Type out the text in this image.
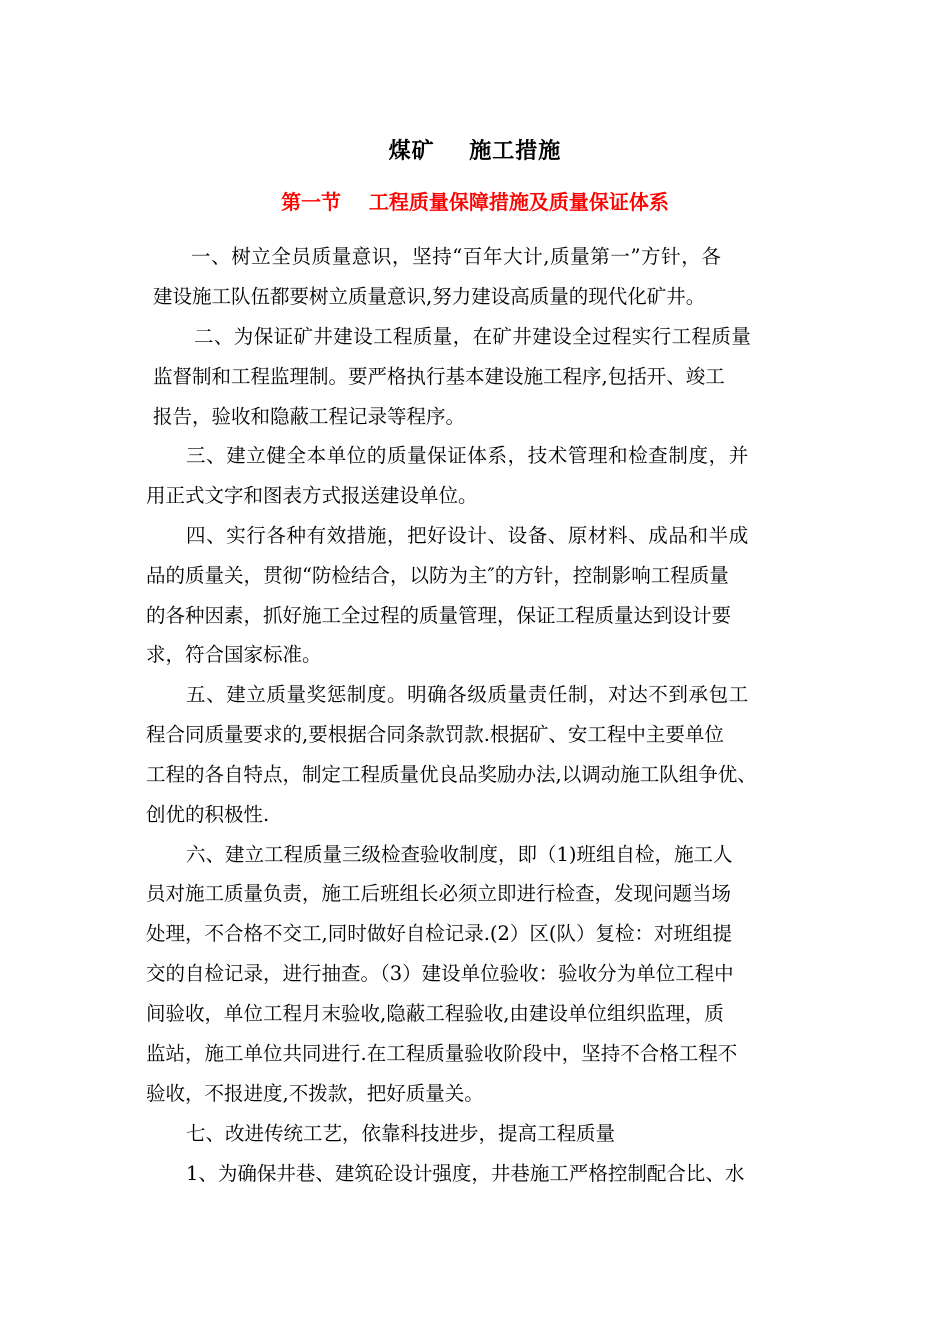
煤矿    施工措施
第一节    工程质量保障措施及质量保证体系
一、树立全员质量意识，坚持“百年大计,质量第一”方针，各
建设施工队伍都要树立质量意识,努力建设高质量的现代化矿井。
二、为保证矿井建设工程质量，在矿井建设全过程实行工程质量
监督制和工程监理制。要严格执行基本建设施工程序,包括开、竣工
报告，验收和隐蔽工程记录等程序。
三、建立健全本单位的质量保证体系，技术管理和检查制度，并
用正式文字和图表方式报送建设单位。
四、实行各种有效措施，把好设计、设备、原材料、成品和半成
品的质量关，贯彻“防检结合，以防为主″的方针，控制影响工程质量
的各种因素，抓好施工全过程的质量管理，保证工程质量达到设计要
求，符合国家标准。
五、建立质量奖惩制度。明确各级质量责任制，对达不到承包工
程合同质量要求的,要根据合同条款罚款.根据矿、安工程中主要单位
工程的各自特点，制定工程质量优良品奖励办法,以调动施工队组争优、
创优的积极性.
六、建立工程质量三级检查验收制度，即（1)班组自检，施工人
员对施工质量负责，施工后班组长必须立即进行检查，发现问题当场
处理，不合格不交工,同时做好自检记录.(2）区(队）复检：对班组提
交的自检记录，进行抽查。（3）建设单位验收：验收分为单位工程中
间验收，单位工程月末验收,隐蔽工程验收,由建设单位组织监理，质
监站，施工单位共同进行.在工程质量验收阶段中，坚持不合格工程不
验收，不报进度,不拨款，把好质量关。
七、改进传统工艺，依靠科技进步，提高工程质量
1、为确保井巷、建筑砼设计强度，井巷施工严格控制配合比、水
